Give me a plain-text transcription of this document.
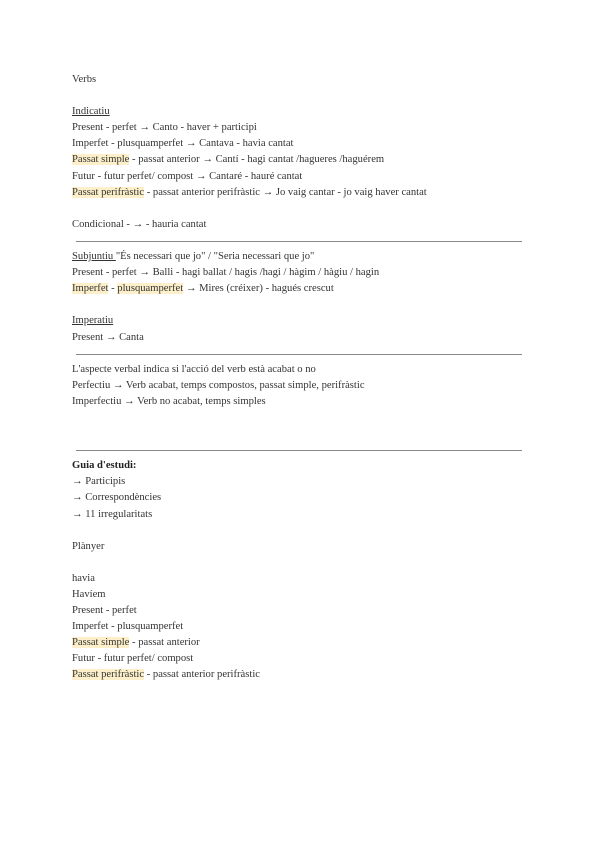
Verbs
Indicatiu
Present - perfet → Canto - haver + participi
Imperfet - plusquamperfet → Cantava - havia cantat
Passat simple - passat anterior → Cantí - hagi cantat /hagueres /haguérem
Futur - futur perfet/ compost → Cantaré - hauré cantat
Passat perifràstic - passat anterior perifràstic → Jo vaig cantar - jo vaig haver cantat
Condicional - → - hauria cantat
Subjuntiu "És necessari que jo" / "Seria necessari que jo"
Present - perfet → Balli - hagi ballat / hagis /hagi / hàgim / hàgiu / hagin
Imperfet - plusquamperfet → Mires (créixer) - hagués crescut
Imperatiu
Present → Canta
L'aspecte verbal indica si l'acció del verb està acabat o no
Perfectiu → Verb acabat, temps compostos, passat simple, perifràstic
Imperfectiu → Verb no acabat, temps simples
Guia d'estudi:
→ Participis
→ Correspondències
→ 11 irregularitats
Plànyer
havia
Havíem
Present - perfet
Imperfet - plusquamperfet
Passat simple - passat anterior
Futur - futur perfet/ compost
Passat perifràstic - passat anterior perifràstic
